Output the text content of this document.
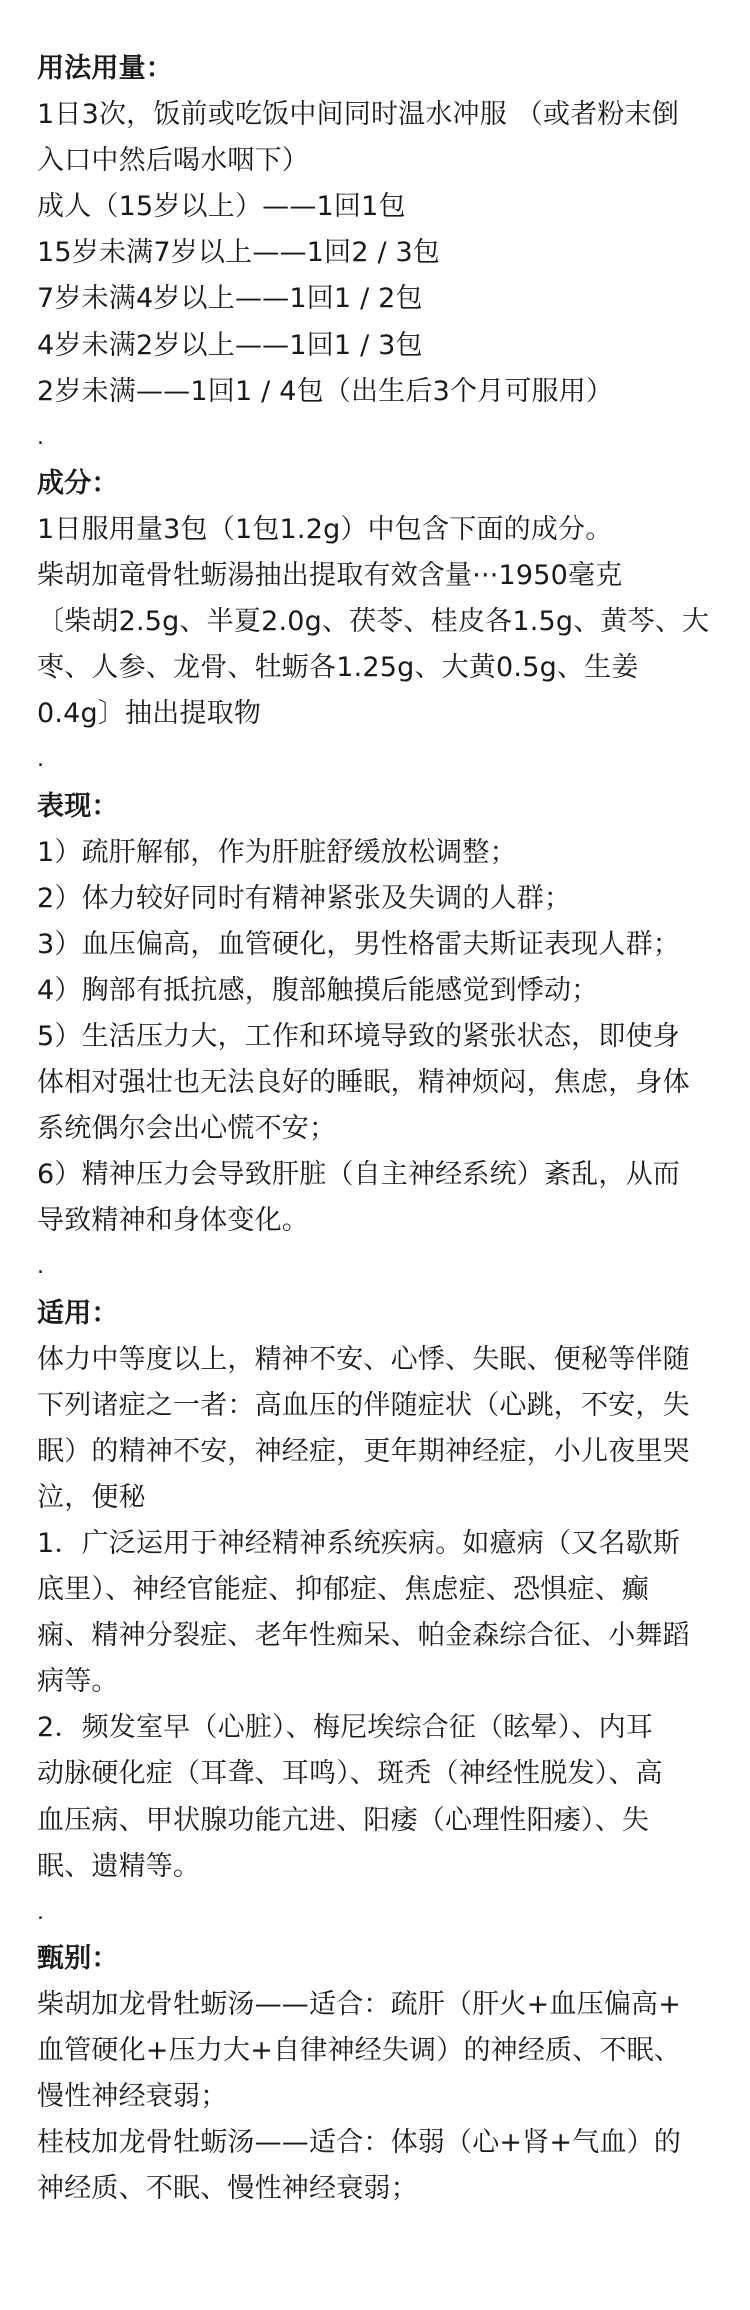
用法用量：
1日3次，饭前或吃饭中间同时温水冲服 （或者粉末倒
入口中然后喝水咽下）
成人（15岁以上）——1回1包
15岁未满7岁以上——1回2 / 3包
7岁未满4岁以上——1回1 / 2包
4岁未满2岁以上——1回1 / 3包
2岁未满——1回1 / 4包（出生后3个月可服用）
.
成分：
1日服用量3包（1包1.2g）中包含下面的成分。
柴胡加竜骨牡蛎湯抽出提取有效含量···1950毫克
〔柴胡2.5g、半夏2.0g、茯苓、桂皮各1.5g、黄芩、大
枣、人参、龙骨、牡蛎各1.25g、大黄0.5g、生姜
0.4g〕抽出提取物
.
表现：
1）疏肝解郁，作为肝脏舒缓放松调整；
2）体力较好同时有精神紧张及失调的人群；
3）血压偏高，血管硬化，男性格雷夫斯证表现人群；
4）胸部有抵抗感，腹部触摸后能感觉到悸动；
5）生活压力大，工作和环境导致的紧张状态，即使身
体相对强壮也无法良好的睡眠，精神烦闷，焦虑，身体
系统偶尔会出心慌不安；
6）精神压力会导致肝脏（自主神经系统）紊乱，从而
导致精神和身体变化。
.
适用：
体力中等度以上，精神不安、心悸、失眠、便秘等伴随
下列诸症之一者：高血压的伴随症状（心跳，不安，失
眠）的精神不安，神经症，更年期神经症，小儿夜里哭
泣，便秘
1．广泛运用于神经精神系统疾病。如癔病（又名歇斯
底里）、神经官能症、抑郁症、焦虑症、恐惧症、癫
痫、精神分裂症、老年性痴呆、帕金森综合征、小舞蹈
病等。
2．频发室早（心脏）、梅尼埃综合征（眩晕）、内耳
动脉硬化症（耳聋、耳鸣）、斑秃（神经性脱发）、高
血压病、甲状腺功能亢进、阳痿（心理性阳痿）、失
眠、遗精等。
.
甄别：
柴胡加龙骨牡蛎汤——适合：疏肝（肝火+血压偏高+
血管硬化+压力大+自律神经失调）的神经质、不眠、
慢性神经衰弱；
桂枝加龙骨牡蛎汤——适合：体弱（心+肾+气血）的
神经质、不眠、慢性神经衰弱；
